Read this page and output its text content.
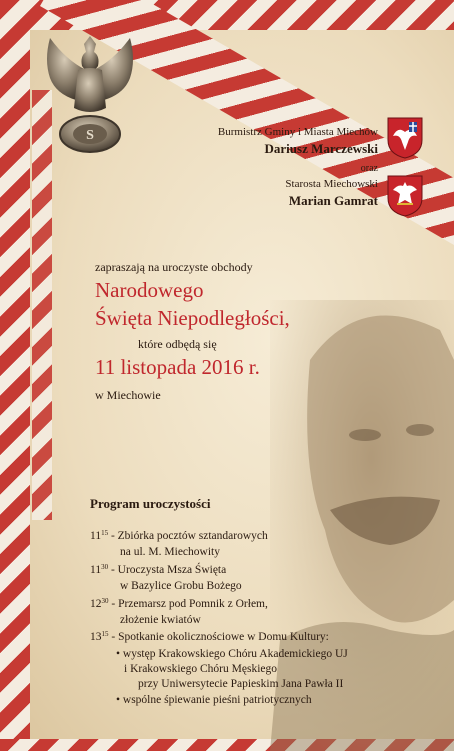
S	Burmistrz Gminy i Miasta Miechów
Dariusz Marczewski
oraz
Starosta Miechowski
Marian Gamrat
zapraszają na uroczyste obchody
Narodowego
Święta Niepodległości,
które odbędą się
11 listopada 2016 r.
w Miechowie
Program uroczystości
$11^{15}$ - Zbiórka pocztów sztandarowych
na ul. M. Miechowity
$11^{30}$ - Uroczysta Msza Święta
w Bazylice Grobu Bożego
$12^{30}$ - Przemarsz pod Pomnik z Orłem,
złożenie kwiatów
$13^{15}$ - Spotkanie okolicznościowe w Domu Kultury:
• występ Krakowskiego Chóru Akademickiego UJ
i Krakowskiego Chóru Męskiego
przy Uniwersytecie Papieskim Jana Pawła II
• wspólne śpiewanie pieśni patriotycznych
